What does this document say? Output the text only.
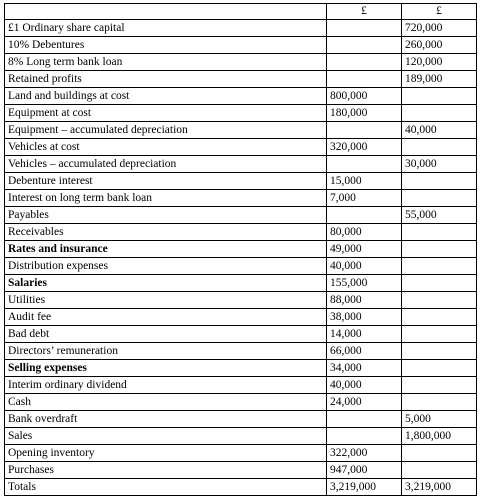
	£	£
£1 Ordinary share capital		720,000
10% Debentures		260,000
8% Long term bank loan		120,000
Retained profits		189,000
Land and buildings at cost	800,000	
Equipment at cost	180,000	
Equipment – accumulated depreciation		40,000
Vehicles at cost	320,000	
Vehicles – accumulated depreciation		30,000
Debenture interest	15,000	
Interest on long term bank loan	7,000	
Payables		55,000
Receivables	80,000	
Rates and insurance	49,000	
Distribution expenses	40,000	
Salaries	155,000	
Utilities	88,000	
Audit fee	38,000	
Bad debt	14,000	
Directors’ remuneration	66,000	
Selling expenses	34,000	
Interim ordinary dividend	40,000	
Cash	24,000	
Bank overdraft		5,000
Sales		1,800,000
Opening inventory	322,000	
Purchases	947,000	
Totals	3,219,000	3,219,000
